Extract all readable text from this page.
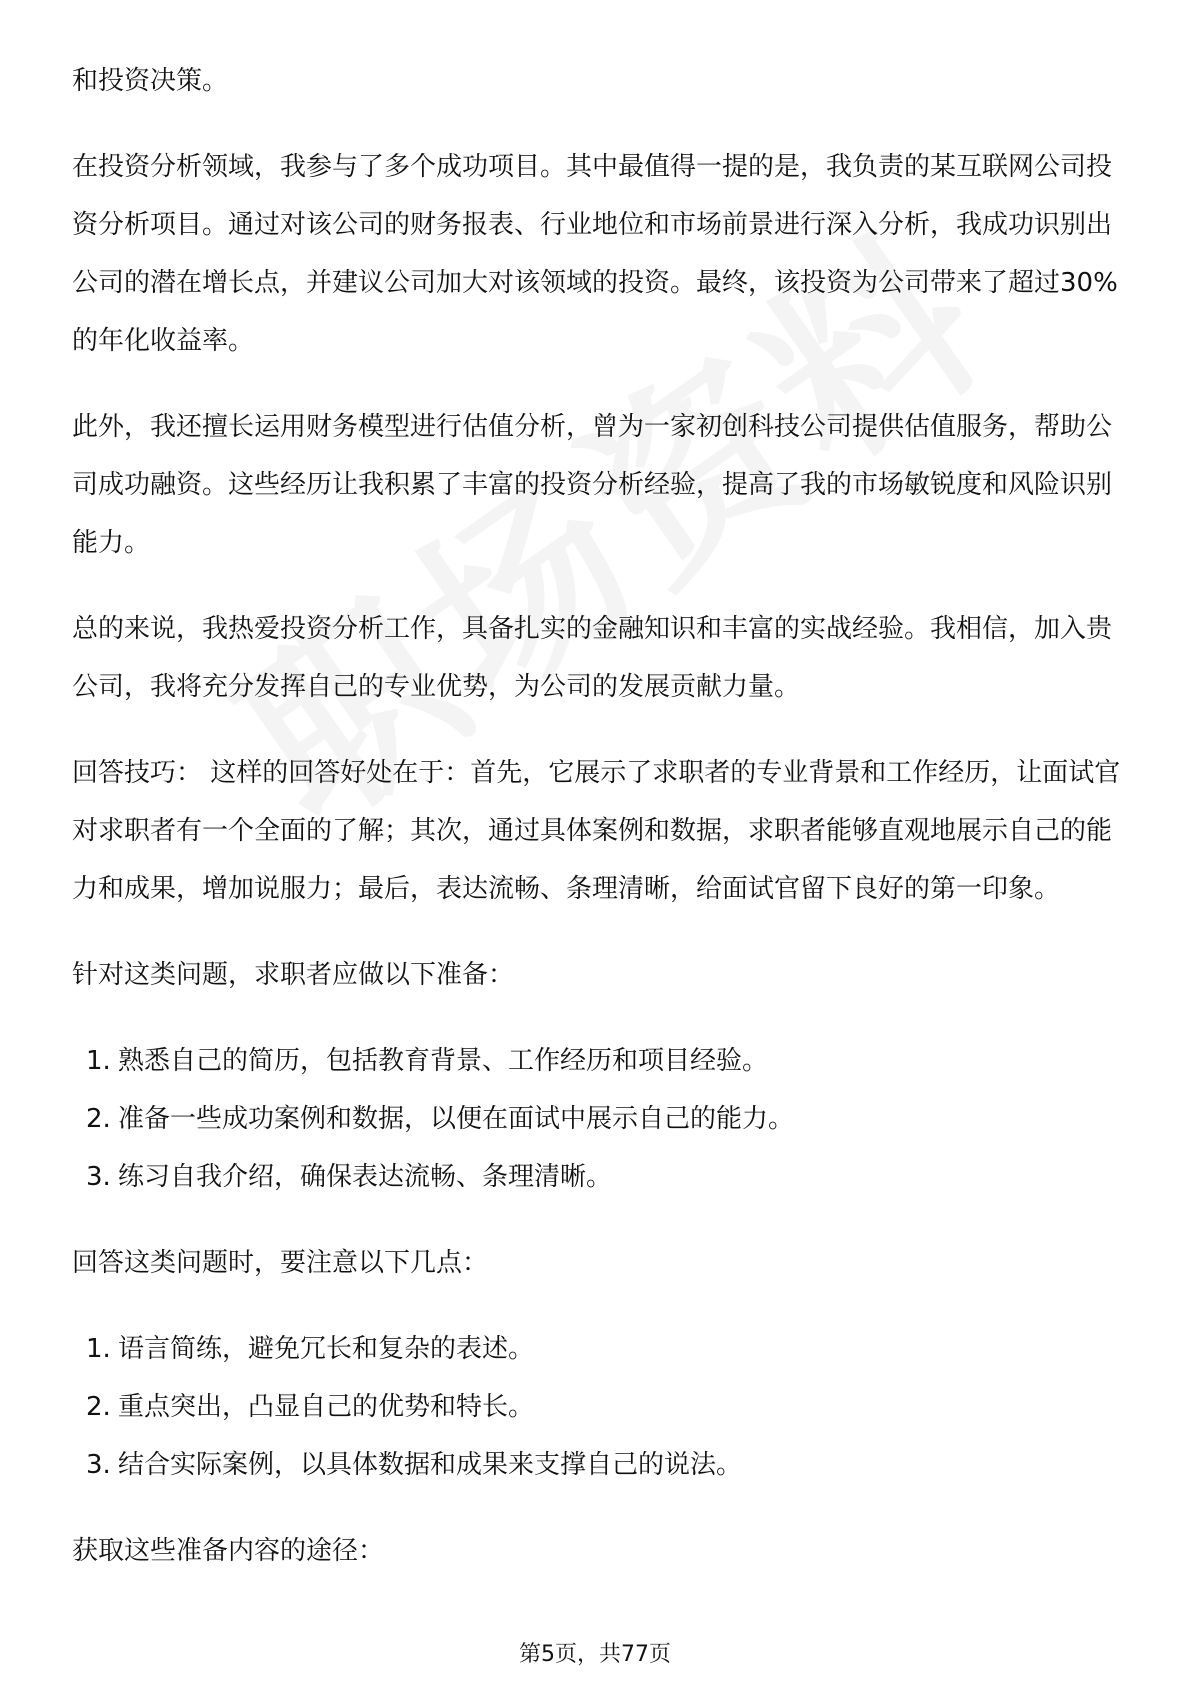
和投资决策。

在投资分析领域，我参与了多个成功项目。其中最值得一提的是，我负责的某互联网公司投资分析项目。通过对该公司的财务报表、行业地位和市场前景进行深入分析，我成功识别出公司的潜在增长点，并建议公司加大对该领域的投资。最终，该投资为公司带来了超过30%的年化收益率。

此外，我还擅长运用财务模型进行估值分析，曾为一家初创科技公司提供估值服务，帮助公司成功融资。这些经历让我积累了丰富的投资分析经验，提高了我的市场敏锐度和风险识别能力。

总的来说，我热爱投资分析工作，具备扎实的金融知识和丰富的实战经验。我相信，加入贵公司，我将充分发挥自己的专业优势，为公司的发展贡献力量。

回答技巧： 这样的回答好处在于：首先，它展示了求职者的专业背景和工作经历，让面试官对求职者有一个全面的了解；其次，通过具体案例和数据，求职者能够直观地展示自己的能力和成果，增加说服力；最后，表达流畅、条理清晰，给面试官留下良好的第一印象。

针对这类问题，求职者应做以下准备：

1. 熟悉自己的简历，包括教育背景、工作经历和项目经验。
2. 准备一些成功案例和数据，以便在面试中展示自己的能力。
3. 练习自我介绍，确保表达流畅、条理清晰。

回答这类问题时，要注意以下几点：

1. 语言简练，避免冗长和复杂的表述。
2. 重点突出，凸显自己的优势和特长。
3. 结合实际案例，以具体数据和成果来支撑自己的说法。

获取这些准备内容的途径：

第5页，共77页
